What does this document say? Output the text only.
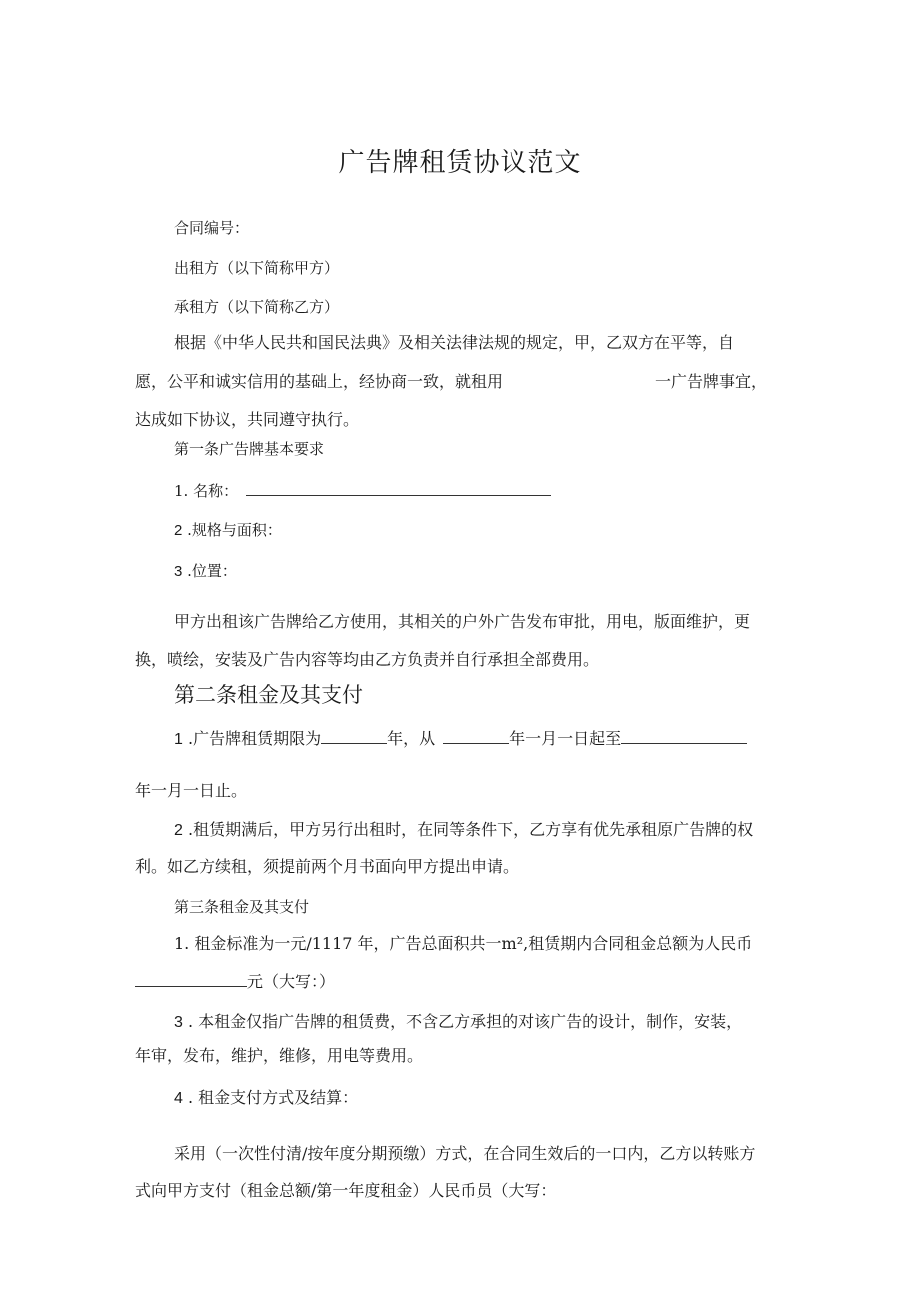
广告牌租赁协议范文
合同编号：
出租方（以下简称甲方）
承租方（以下简称乙方）
根据《中华人民共和国民法典》及相关法律法规的规定，甲，乙双方在平等，自
愿，公平和诚实信用的基础上，经协商一致，就租用	一广告牌事宜，
达成如下协议，共同遵守执行。
第一条广告牌基本要求
1. 名称：
2 .规格与面积：
3 .位置：
甲方出租该广告牌给乙方使用，其相关的户外广告发布审批，用电，版面维护，更
换，喷绘，安装及广告内容等均由乙方负责并自行承担全部费用。
第二条租金及其支付
1 .广告牌租赁期限为	年，从	年一月一日起至
年一月一日止。
2 .租赁期满后，甲方另行出租时，在同等条件下，乙方享有优先承租原广告牌的权
利。如乙方续租，须提前两个月书面向甲方提出申请。
第三条租金及其支付
1. 租金标准为一元/1117 年，广告总面积共一m²,租赁期内合同租金总额为人民币
元（大写：）
3 . 本租金仅指广告牌的租赁费，不含乙方承担的对该广告的设计，制作，安装，
年审，发布，维护，维修，用电等费用。
4 . 租金支付方式及结算：
采用（一次性付清/按年度分期预缴）方式，在合同生效后的一口内，乙方以转账方
式向甲方支付（租金总额/第一年度租金）人民币员（大写：
